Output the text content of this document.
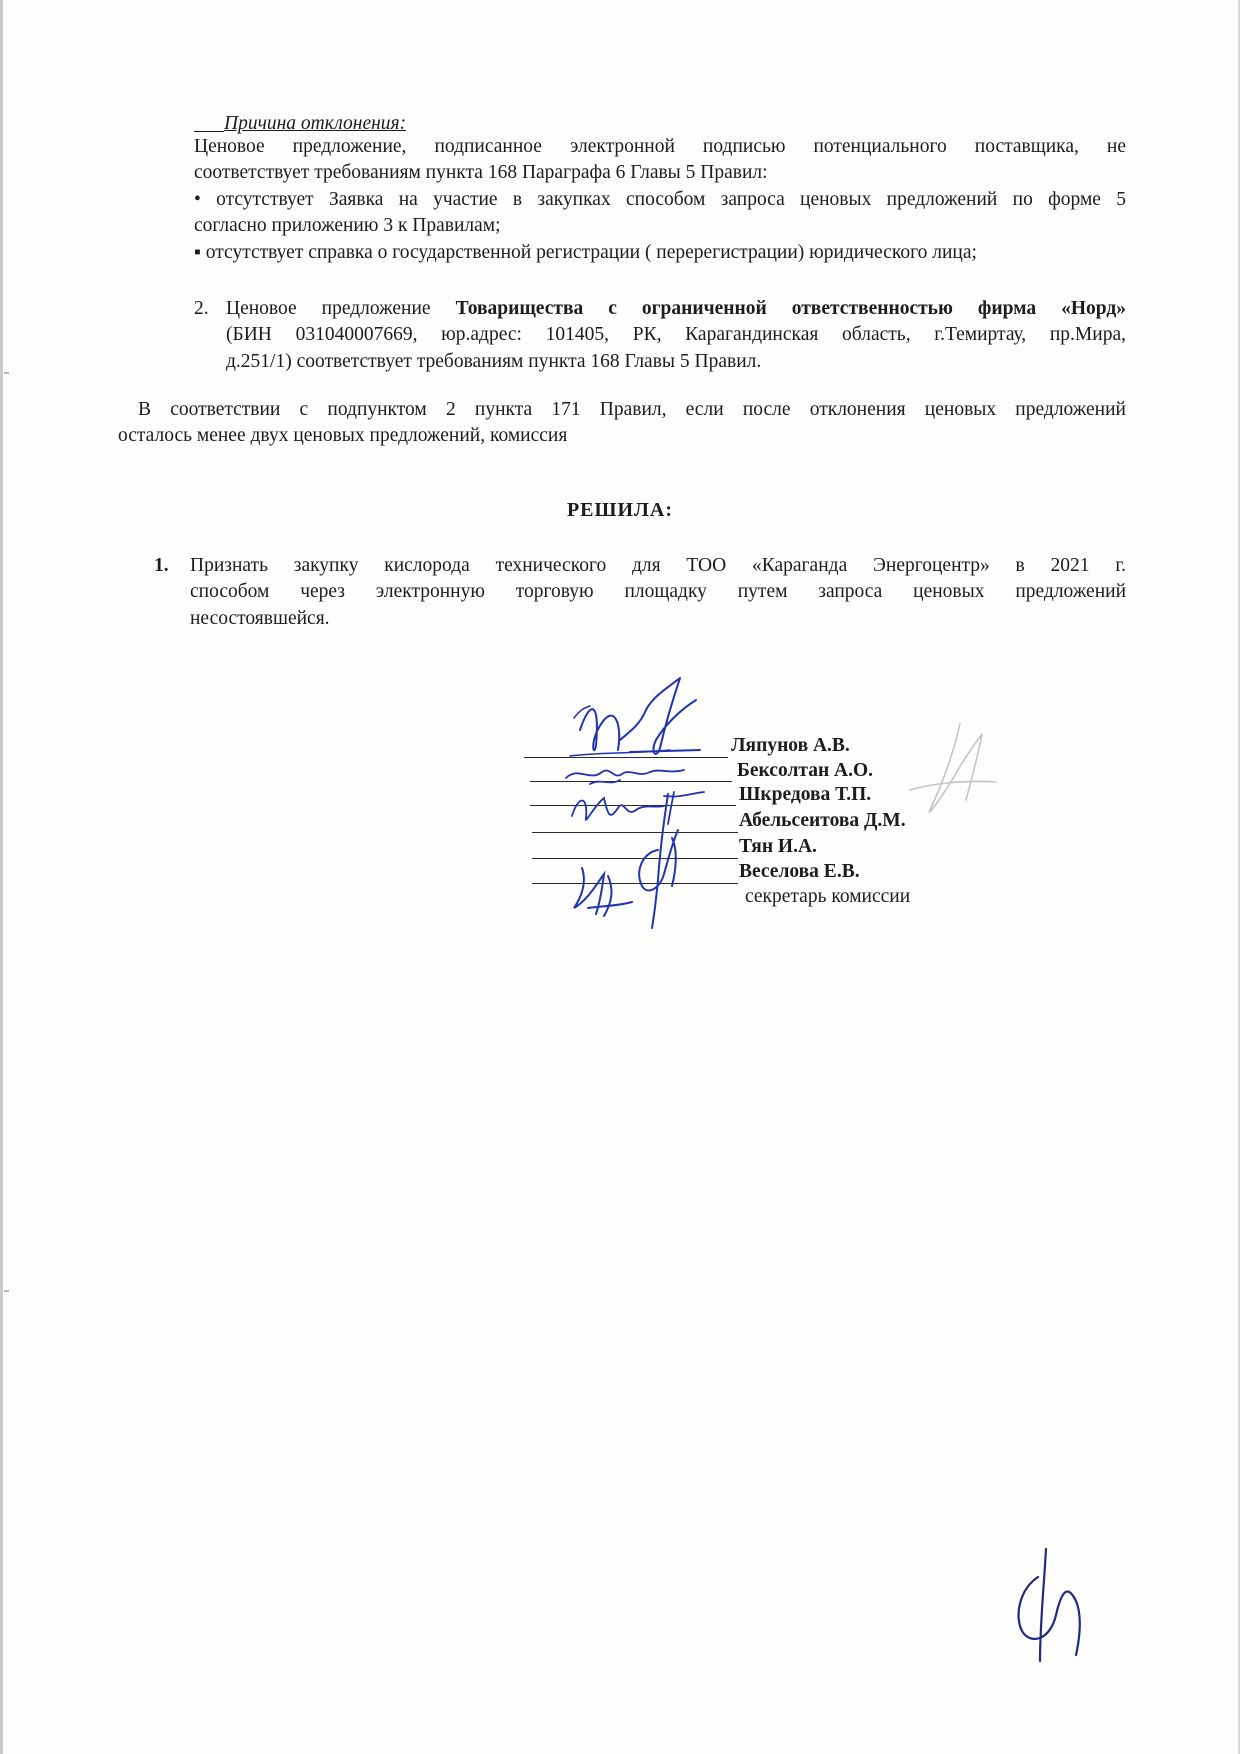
Причина отклонения:
Ценовое предложение, подписанное электронной подписью потенциального поставщика, не
соответствует требованиям пункта 168 Параграфа 6 Главы 5 Правил:
• отсутствует Заявка на участие в закупках способом запроса ценовых предложений по форме 5
согласно приложению 3 к Правилам;
▪ отсутствует справка о государственной регистрации ( перерегистрации) юридического лица;
2. Ценовое предложение Товарищества с ограниченной ответственностью фирма «Норд»
(БИН 031040007669, юр.адрес: 101405, РК, Карагандинская область, г.Темиртау, пр.Мира,
д.251/1) соответствует требованиям пункта 168 Главы 5 Правил.
В соответствии с подпунктом 2 пункта 171 Правил, если после отклонения ценовых предложений
осталось менее двух ценовых предложений, комиссия
РЕШИЛА:
1. Признать закупку кислорода технического для ТОО «Караганда Энергоцентр» в 2021 г.
способом через электронную торговую площадку путем запроса ценовых предложений
несостоявшейся.
Ляпунов А.В.
Бексолтан А.О.
Шкредова Т.П.
Абельсеитова Д.М.
Тян И.А.
Веселова Е.В.
секретарь комиссии
